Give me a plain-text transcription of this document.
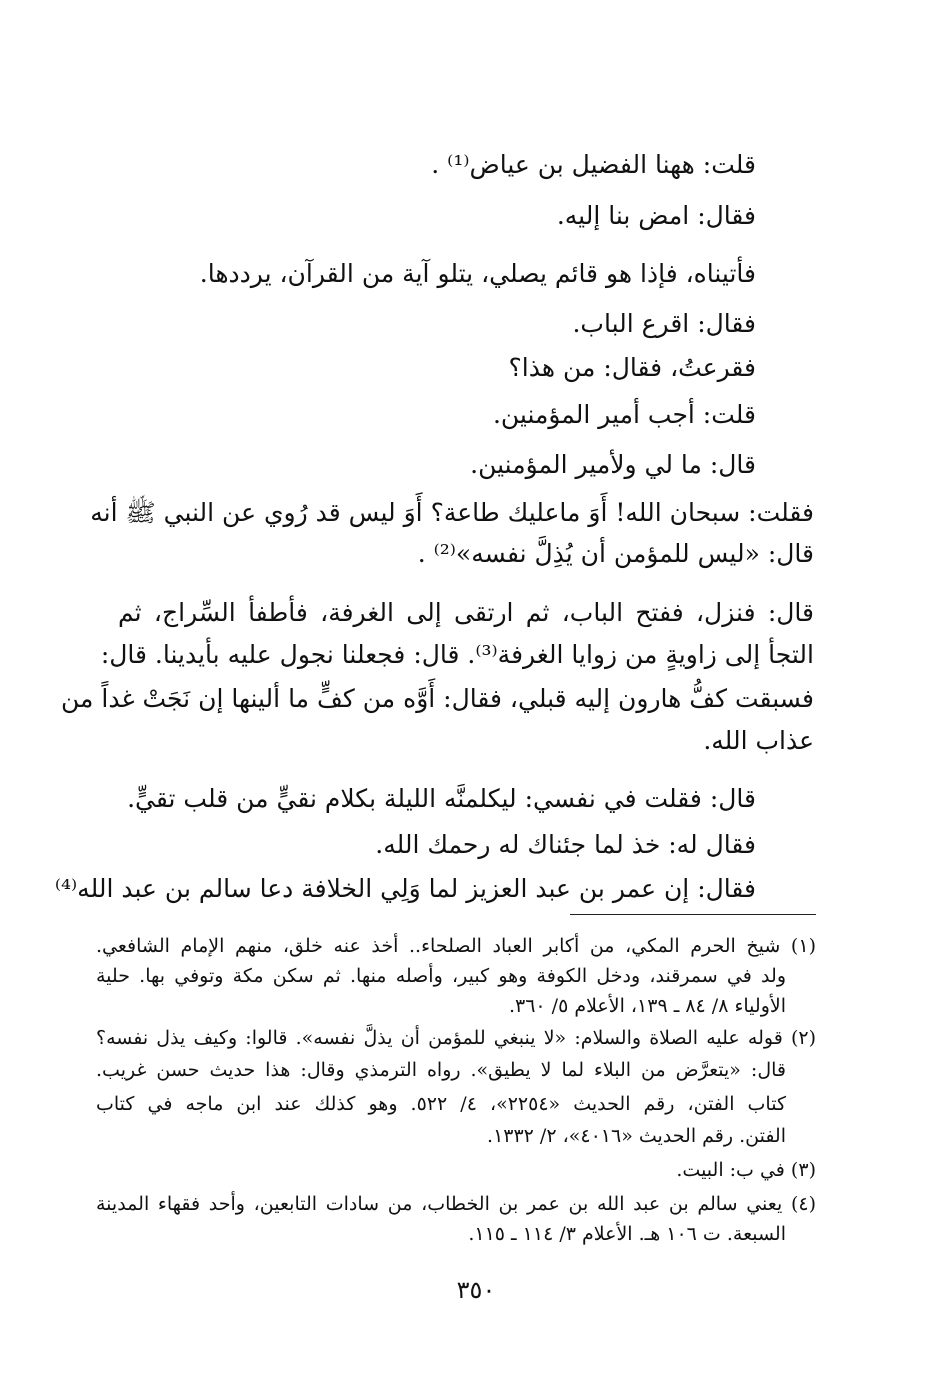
قلت: ههنا الفضيل بن عياض⁽¹⁾ .
فقال: امض بنا إليه.
فأتيناه، فإذا هو قائم يصلي، يتلو آية من القرآن، يرددها.
فقال: اقرع الباب.
فقرعتُ، فقال: من هذا؟
قلت: أجب أمير المؤمنين.
قال: ما لي ولأمير المؤمنين.
فقلت: سبحان الله! أَوَ ماعليك طاعة؟ أَوَ ليس قد رُوي عن النبي ﷺ أنه
قال: «ليس للمؤمن أن يُذِلَّ نفسه»⁽²⁾ .
قال: فنزل، ففتح الباب، ثم ارتقى إلى الغرفة، فأطفأ السِّراج، ثم
التجأ إلى زاويةٍ من زوايا الغرفة⁽³⁾. قال: فجعلنا نجول عليه بأيدينا. قال:
فسبقت كفُّ هارون إليه قبلي، فقال: أَوَّه من كفٍّ ما ألينها إن نَجَتْ غداً من
عذاب الله.
قال: فقلت في نفسي: ليكلمنَّه الليلة بكلام نقيٍّ من قلب تقيٍّ.
فقال له: خذ لما جئناك له رحمك الله.
فقال: إن عمر بن عبد العزيز لما وَلِي الخلافة دعا سالم بن عبد الله⁽⁴⁾
(١) شيخ الحرم المكي، من أكابر العباد الصلحاء.. أخذ عنه خلق، منهم الإمام الشافعي.
ولد في سمرقند، ودخل الكوفة وهو كبير، وأصله منها. ثم سكن مكة وتوفي بها. حلية
الأولياء ٨/ ٨٤ ـ ١٣٩، الأعلام ٥/ ٣٦٠.
(٢) قوله عليه الصلاة والسلام: «لا ينبغي للمؤمن أن يذلَّ نفسه». قالوا: وكيف يذل نفسه؟
قال: «يتعرَّض من البلاء لما لا يطيق». رواه الترمذي وقال: هذا حديث حسن غريب.
كتاب الفتن، رقم الحديث «٢٢٥٤»، ٤/ ٥٢٢. وهو كذلك عند ابن ماجه في كتاب
الفتن. رقم الحديث «٤٠١٦»، ٢/ ١٣٣٢.
(٣) في ب: البيت.
(٤) يعني سالم بن عبد الله بن عمر بن الخطاب، من سادات التابعين، وأحد فقهاء المدينة
السبعة. ت ١٠٦ هـ. الأعلام ٣/ ١١٤ ـ ١١٥.
٣٥٠
